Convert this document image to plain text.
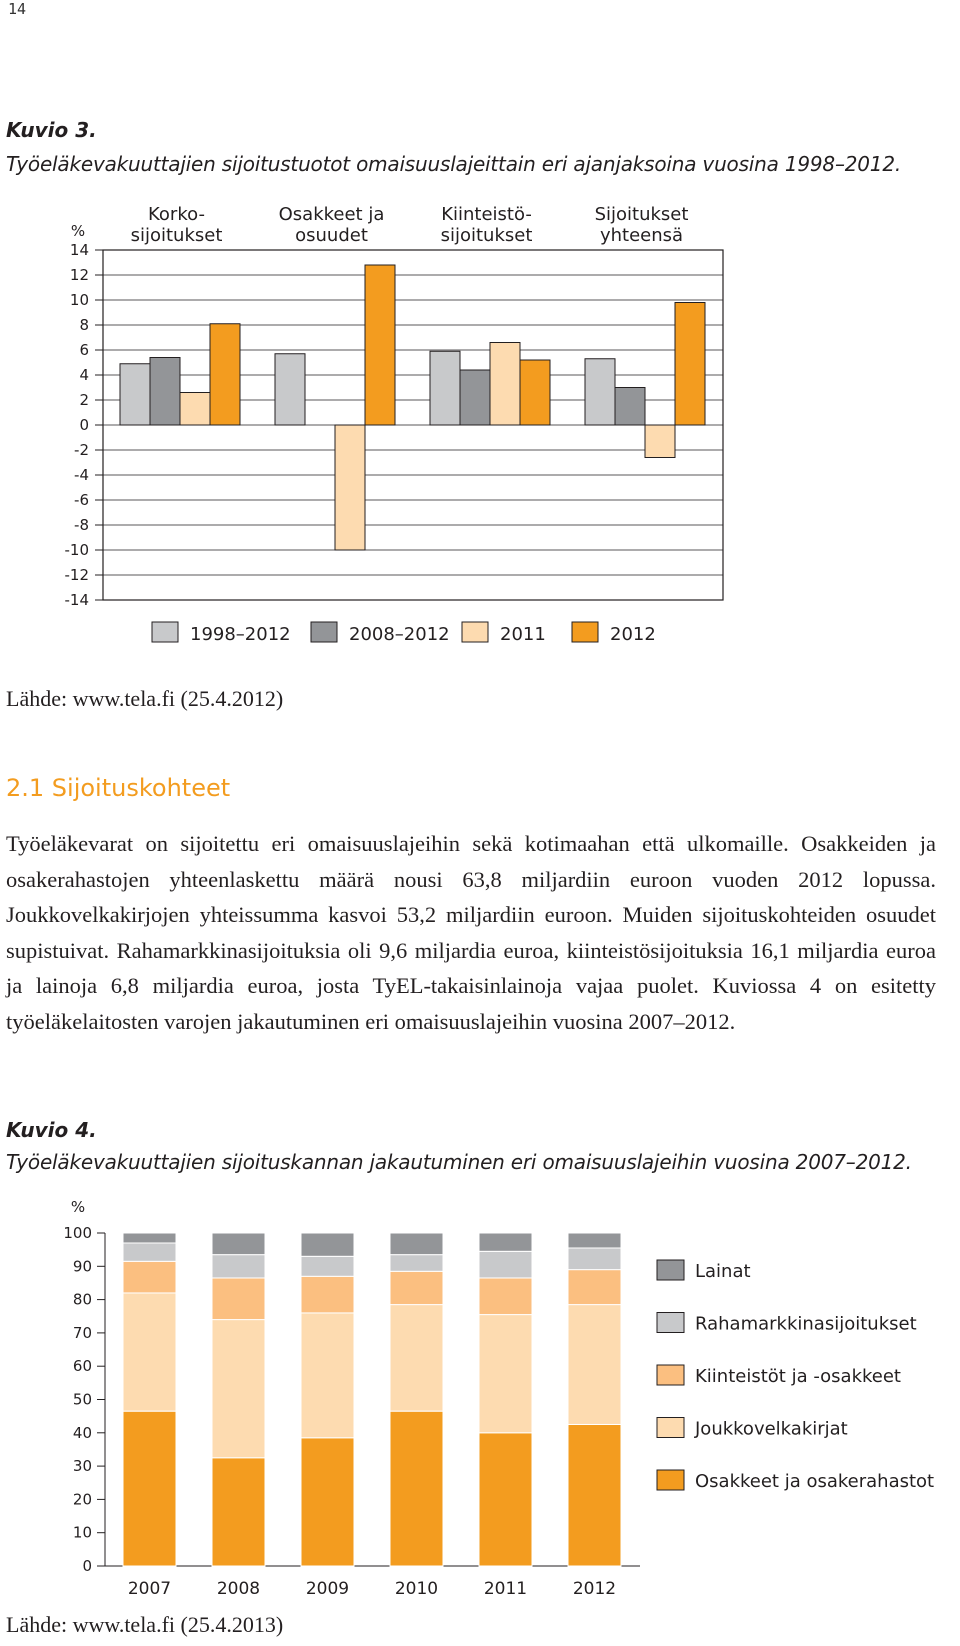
14
Kuvio 3.
Työeläkevakuuttajien sijoitustuotot omaisuuslajeittain eri ajanjaksoina vuosina 1998–2012.
14
12
10
8
6
4
2
0
-2
-4
-6
-8
-10
-12
-14
%
Korko-sijoitukset
Osakkeet ja osuudet
Kiinteistö-sijoitukset
Sijoitukset yhteensä
1998–2012	2008–2012	2011	2012
Lähde: www.tela.fi (25.4.2012)
2.1 Sijoituskohteet
Työeläkevarat on sijoitettu eri omaisuuslajeihin sekä kotimaahan että ulkomaille. Osakkeiden ja osakerahastojen yhteenlaskettu määrä nousi 63,8 miljardiin euroon vuoden 2012 lopussa. Joukkovelkakirjojen yhteissumma kasvoi 53,2 miljardiin euroon. Muiden sijoituskohteiden osuudet supistuivat. Rahamarkkinasijoituksia oli 9,6 miljardia euroa, kiinteistösijoituksia 16,1 miljardia euroa ja lainoja 6,8 miljardia euroa, josta TyEL-takaisinlainoja vajaa puolet. Kuviossa 4 on esitetty työeläkelaitosten varojen jakautuminen eri omaisuuslajeihin vuosina 2007–2012.
Kuvio 4.
Työeläkevakuuttajien sijoituskannan jakautuminen eri omaisuuslajeihin vuosina 2007–2012.
%
100
90
80
70
60
50
40
30
20
10
0
2007	2008	2009	2010	2011	2012
Lainat
Rahamarkkinasijoitukset
Kiinteistöt ja -osakkeet
Joukkovelkakirjat
Osakkeet ja osakerahastot
Lähde: www.tela.fi (25.4.2013)
